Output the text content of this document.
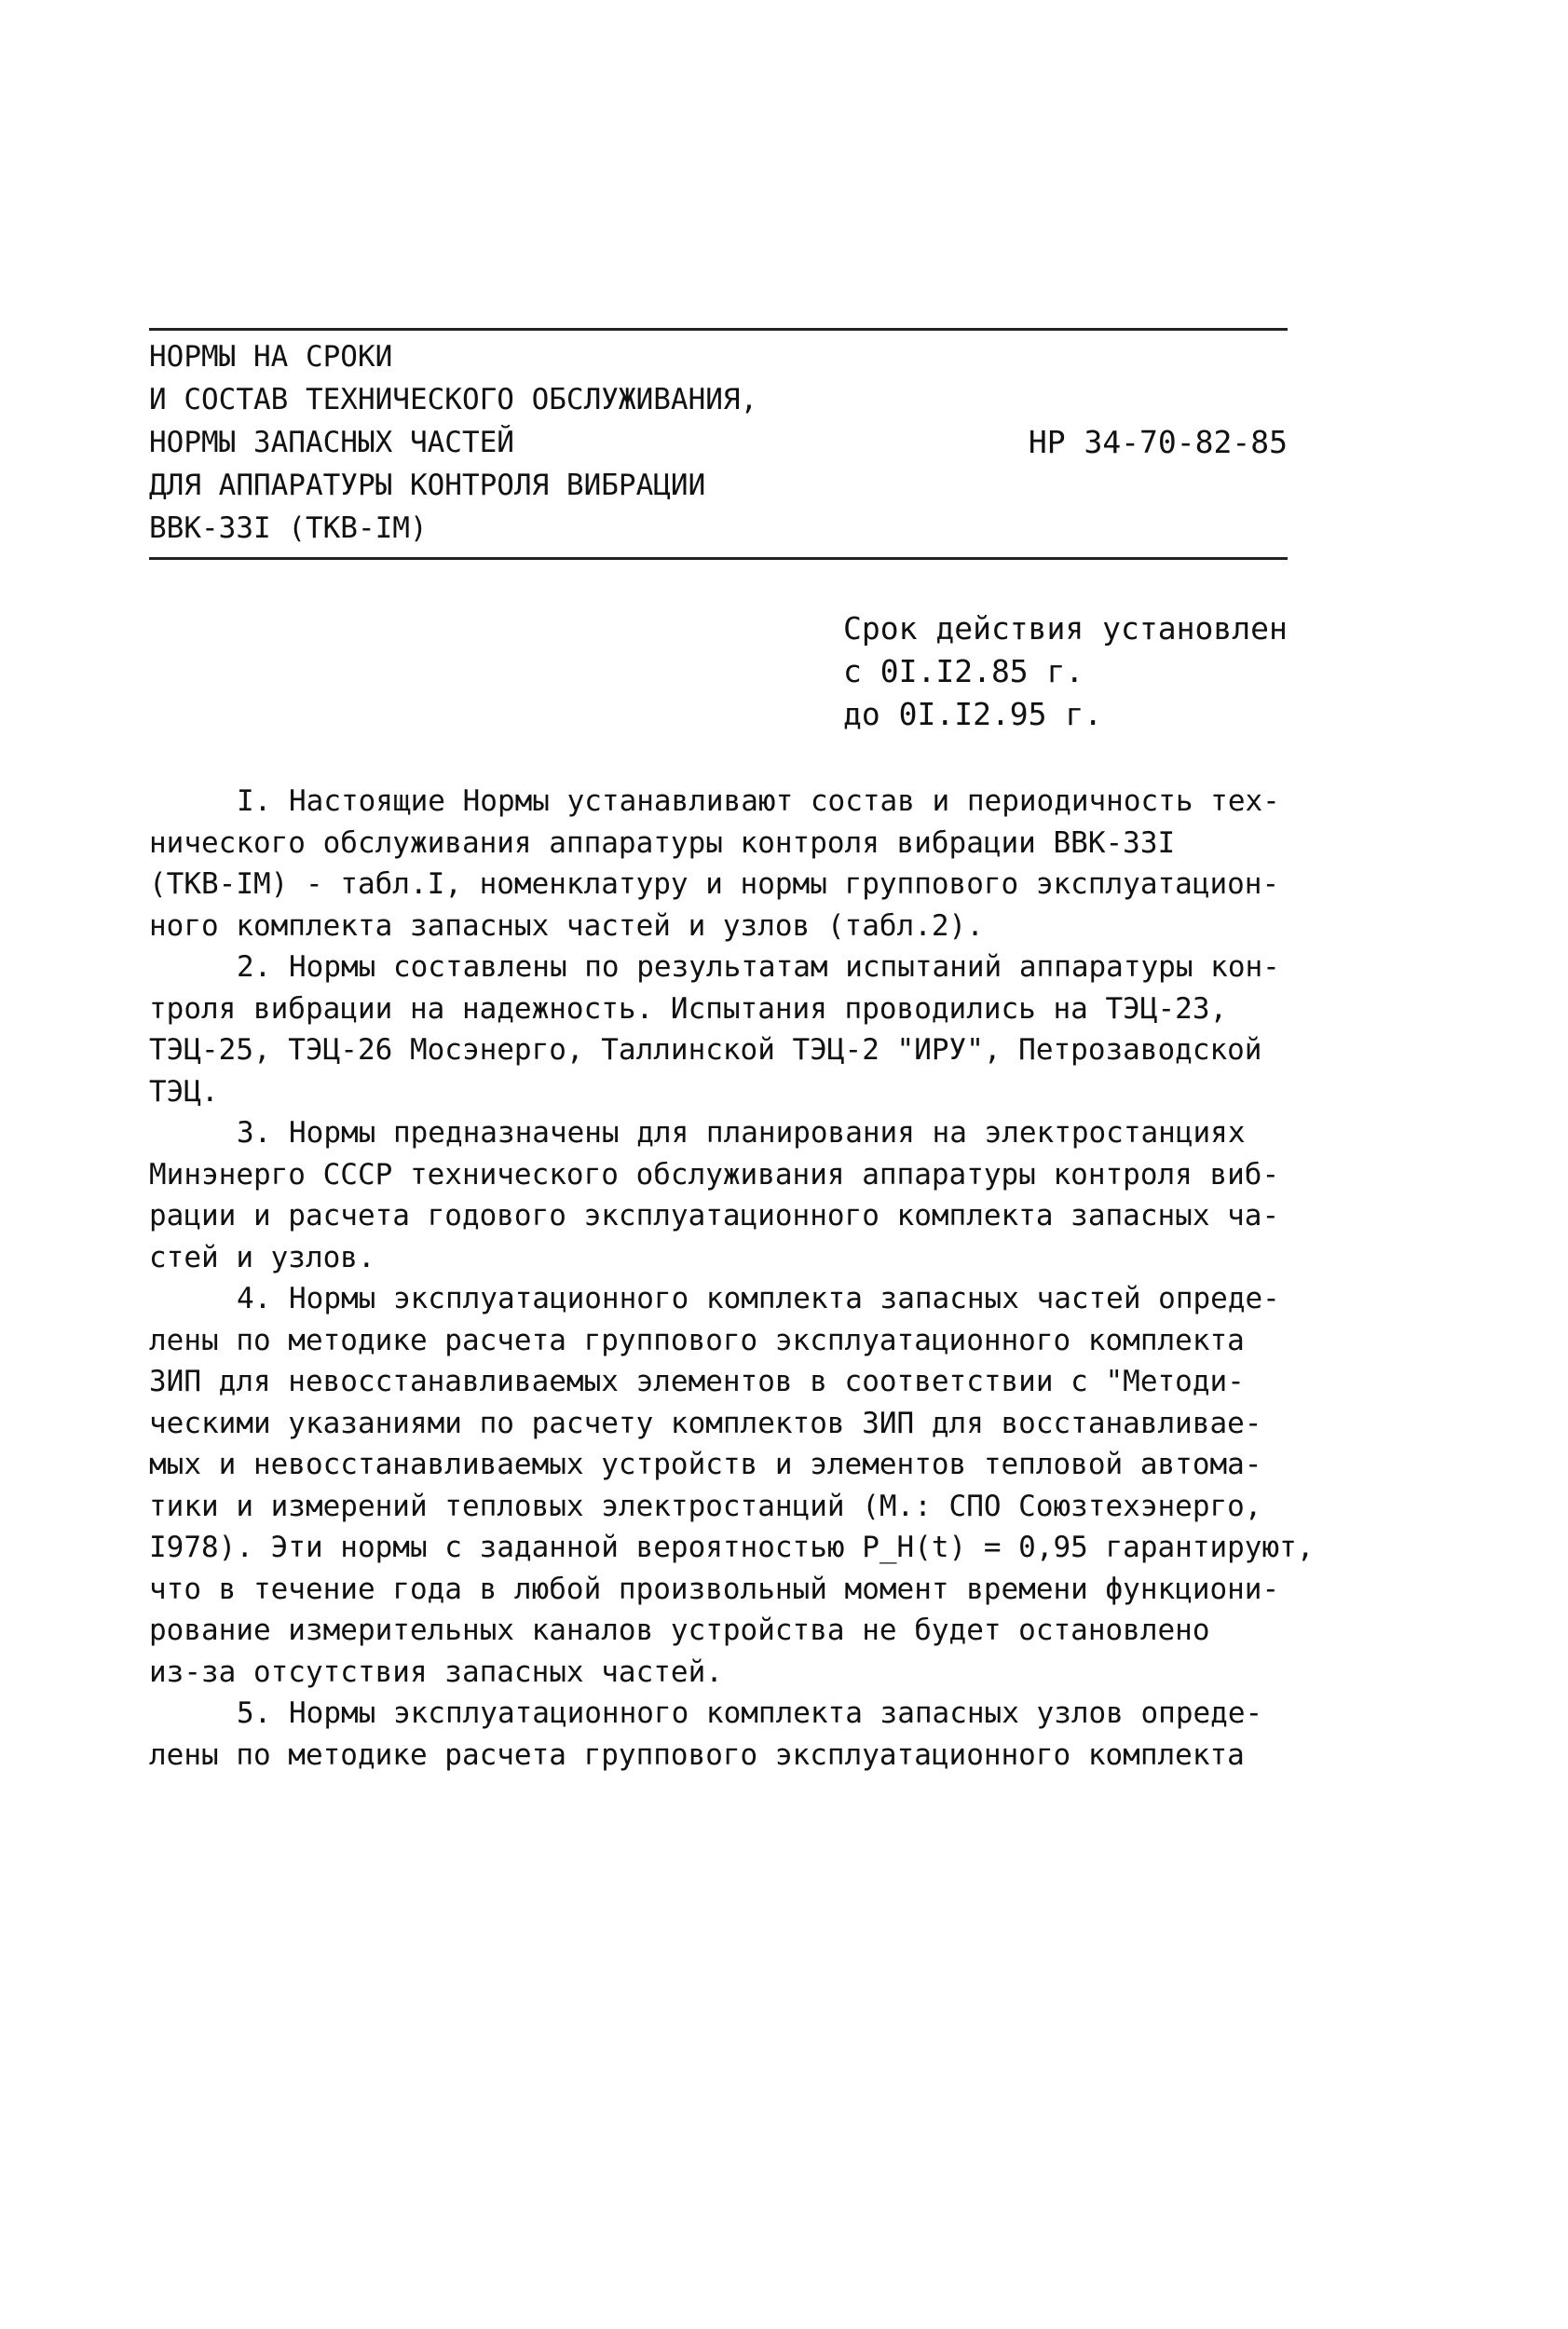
НОРМЫ НА СРОКИ
И СОСТАВ ТЕХНИЧЕСКОГО ОБСЛУЖИВАНИЯ,
НОРМЫ ЗАПАСНЫХ ЧАСТЕЙ
ДЛЯ АППАРАТУРЫ КОНТРОЛЯ ВИБРАЦИИ
ВВК-33I (ТКВ-IМ)
НР 34-70-82-85
Срок действия установлен
с 0I.I2.85 г.
до 0I.I2.95 г.
I. Настоящие Нормы устанавливают состав и периодичность тех-
нического обслуживания аппаратуры контроля вибрации ВВК-33I
(ТКВ-IМ) - табл.I, номенклатуру и нормы группового эксплуатацион-
ного комплекта запасных частей и узлов (табл.2).
2. Нормы составлены по результатам испытаний аппаратуры кон-
троля вибрации на надежность. Испытания проводились на ТЭЦ-23,
ТЭЦ-25, ТЭЦ-26 Мосэнерго, Таллинской ТЭЦ-2 "ИРУ", Петрозаводской
ТЭЦ.
3. Нормы предназначены для планирования на электростанциях
Минэнерго СССР технического обслуживания аппаратуры контроля виб-
рации и расчета годового эксплуатационного комплекта запасных ча-
стей и узлов.
4. Нормы эксплуатационного комплекта запасных частей опреде-
лены по методике расчета группового эксплуатационного комплекта
ЗИП для невосстанавливаемых элементов в соответствии с "Методи-
ческими указаниями по расчету комплектов ЗИП для восстанавливае-
мых и невосстанавливаемых устройств и элементов тепловой автома-
тики и измерений тепловых электростанций (М.: СПО Союзтехэнерго,
I978). Эти нормы с заданной вероятностью P_H(t) = 0,95 гарантируют,
что в течение года в любой произвольный момент времени функциони-
рование измерительных каналов устройства не будет остановлено
из-за отсутствия запасных частей.
5. Нормы эксплуатационного комплекта запасных узлов опреде-
лены по методике расчета группового эксплуатационного комплекта
